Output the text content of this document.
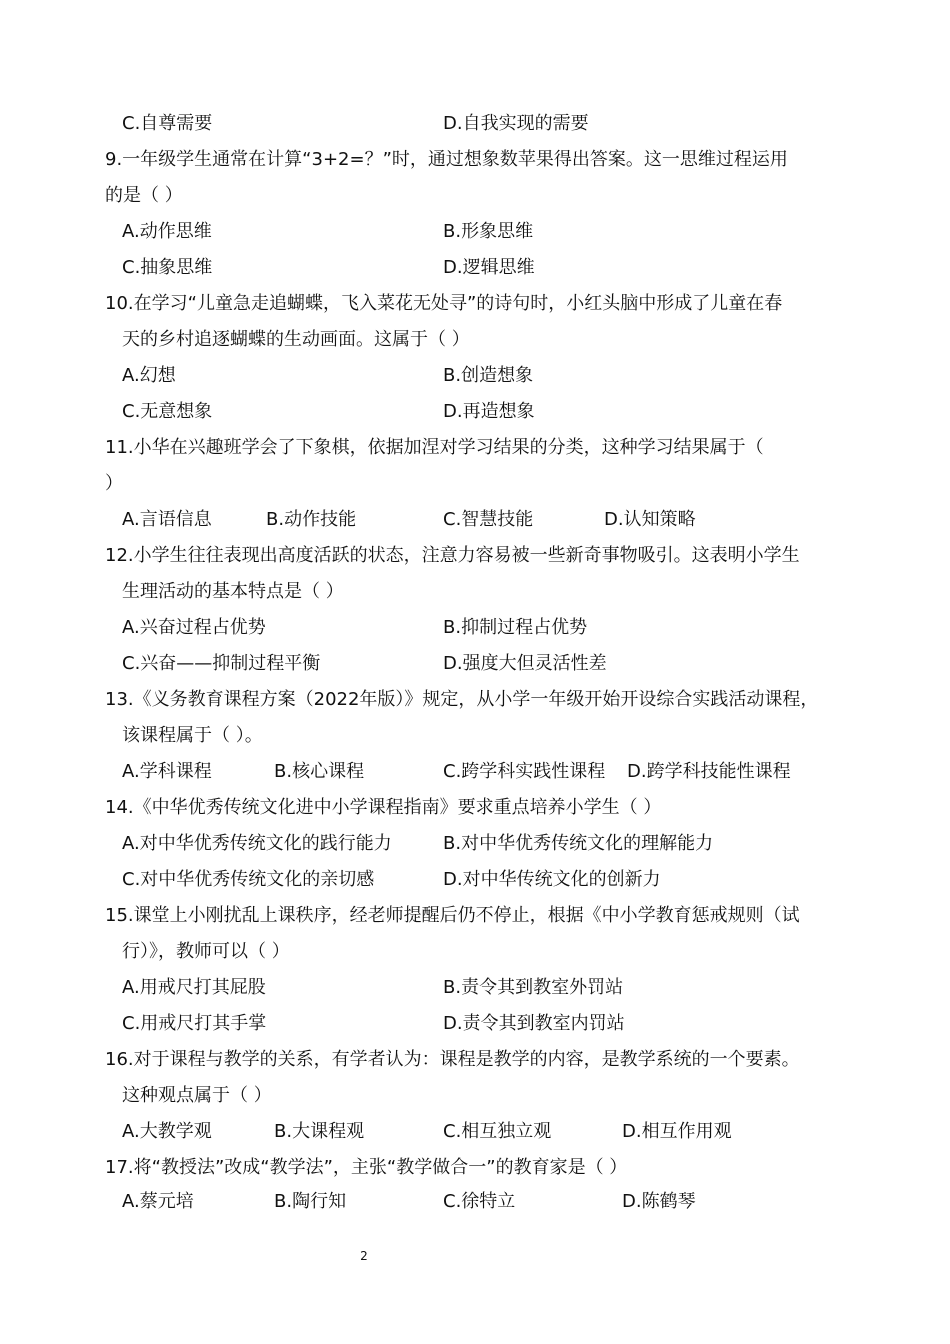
C.自尊需要	D.自我实现的需要
9.一年级学生通常在计算“3+2=？”时，通过想象数苹果得出答案。这一思维过程运用
的是（ ）
A.动作思维	B.形象思维
C.抽象思维	D.逻辑思维
10.在学习“儿童急走追蝴蝶，飞入菜花无处寻”的诗句时，小红头脑中形成了儿童在春
天的乡村追逐蝴蝶的生动画面。这属于（ ）
A.幻想	B.创造想象
C.无意想象	D.再造想象
11.小华在兴趣班学会了下象棋，依据加涅对学习结果的分类，这种学习结果属于（
）
A.言语信息	B.动作技能	C.智慧技能	D.认知策略
12.小学生往往表现出高度活跃的状态，注意力容易被一些新奇事物吸引。这表明小学生
生理活动的基本特点是（ ）
A.兴奋过程占优势	B.抑制过程占优势
C.兴奋——抑制过程平衡	D.强度大但灵活性差
13.《义务教育课程方案（2022年版）》规定，从小学一年级开始开设综合实践活动课程，
该课程属于（ ）。
A.学科课程	B.核心课程	C.跨学科实践性课程 D.跨学科技能性课程
14.《中华优秀传统文化进中小学课程指南》要求重点培养小学生（ ）
A.对中华优秀传统文化的践行能力	B.对中华优秀传统文化的理解能力
C.对中华优秀传统文化的亲切感	D.对中华传统文化的创新力
15.课堂上小刚扰乱上课秩序，经老师提醒后仍不停止，根据《中小学教育惩戒规则（试
行）》，教师可以（ ）
A.用戒尺打其屁股	B.责令其到教室外罚站
C.用戒尺打其手掌	D.责令其到教室内罚站
16.对于课程与教学的关系，有学者认为：课程是教学的内容，是教学系统的一个要素。
这种观点属于（ ）
A.大教学观	B.大课程观	C.相互独立观	D.相互作用观
17.将“教授法”改成“教学法”，主张“教学做合一”的教育家是（ ）
A.蔡元培	B.陶行知	C.徐特立	D.陈鹤琴
2
